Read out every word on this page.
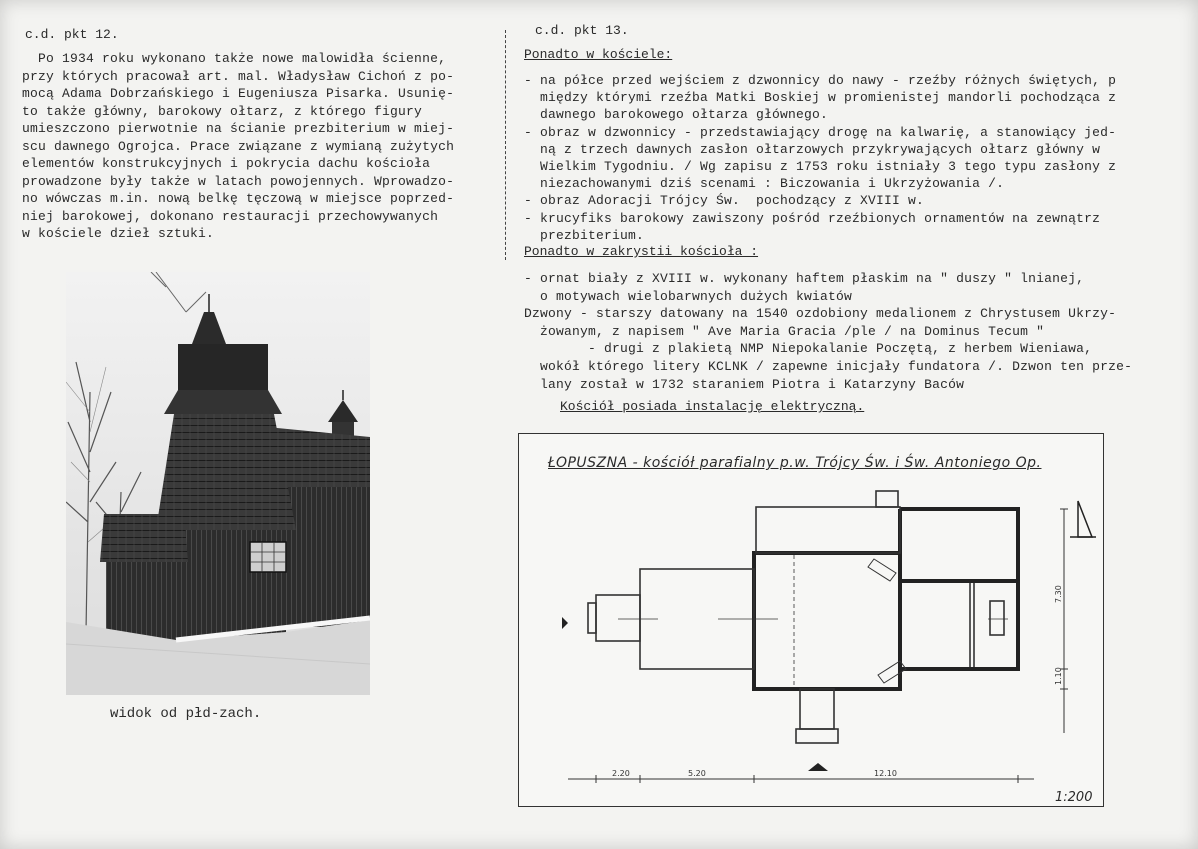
c.d. pkt 12.
Po 1934 roku wykonano także nowe malowidła ścienne,
przy których pracował art. mal. Władysław Cichoń z po-
mocą Adama Dobrzańskiego i Eugeniusza Pisarka. Usunię-
to także główny, barokowy ołtarz, z którego figury
umieszczono pierwotnie na ścianie prezbiterium w miej-
scu dawnego Ogrojca. Prace związane z wymianą zużytych
elementów konstrukcyjnych i pokrycia dachu kościoła
prowadzone były także w latach powojennych. Wprowadzo-
no wówczas m.in. nową belkę tęczową w miejsce poprzed-
niej barokowej, dokonano restauracji przechowywanych
w kościele dzieł sztuki.
widok od płd-zach.
c.d. pkt 13.
Ponadto w kościele:
- na półce przed wejściem z dzwonnicy do nawy - rzeźby różnych świętych, p
między którymi rzeźba Matki Boskiej w promienistej mandorli pochodząca z
dawnego barokowego ołtarza głównego.
- obraz w dzwonnicy - przedstawiający drogę na kalwarię, a stanowiący jed-
ną z trzech dawnych zasłon ołtarzowych przykrywających ołtarz główny w
Wielkim Tygodniu. / Wg zapisu z 1753 roku istniały 3 tego typu zasłony z
niezachowanymi dziś scenami : Biczowania i Ukrzyżowania /.
- obraz Adoracji Trójcy Św.  pochodzący z XVIII w.
- krucyfiks barokowy zawiszony pośród rzeźbionych ornamentów na zewnątrz
prezbiterium.
Ponadto w zakrystii kościoła :
- ornat biały z XVIII w. wykonany haftem płaskim na " duszy " lnianej,
o motywach wielobarwnych dużych kwiatów
Dzwony - starszy datowany na 1540 ozdobiony medalionem z Chrystusem Ukrzy-
żowanym, z napisem " Ave Maria Gracia /ple / na Dominus Tecum "
- drugi z plakietą NMP Niepokalanie Poczętą, z herbem Wieniawa,
wokół którego litery KCLNK / zapewne inicjały fundatora /. Dzwon ten prze-
lany został w 1732 staraniem Piotra i Katarzyny Baców
Kościół posiada instalację elektryczną.
ŁOPUSZNA - kościół parafialny p.w. Trójcy Św. i Św. Antoniego Op.
2.20	5.20	12.10
7.30
1.10
1:200
